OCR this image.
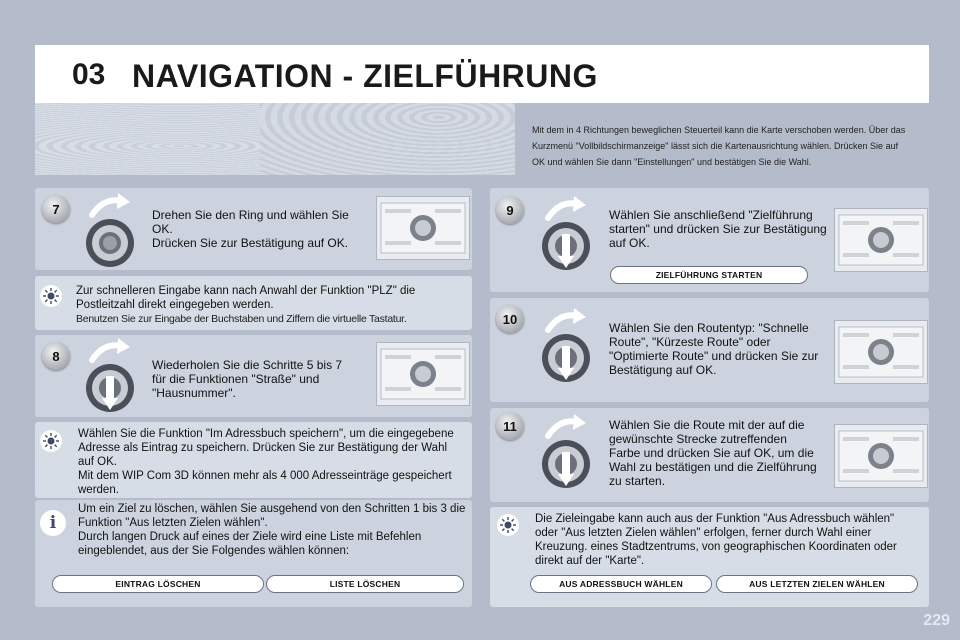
03 NAVIGATION - ZIELFÜHRUNG
Mit dem in 4 Richtungen beweglichen Steuerteil kann die Karte verschoben werden. Über das Kurzmenü "Vollbildschirmanzeige" lässt sich die Kartenausrichtung wählen. Drücken Sie auf OK und wählen Sie dann "Einstellungen" und bestätigen Sie die Wahl.
7	Drehen Sie den Ring und wählen Sie OK.
Drücken Sie zur Bestätigung auf OK.
Zur schnelleren Eingabe kann nach Anwahl der Funktion "PLZ" die Postleitzahl direkt eingegeben werden.
Benutzen Sie zur Eingabe der Buchstaben und Ziffern die virtuelle Tastatur.
8
Wiederholen Sie die Schritte 5 bis 7 für die Funktionen "Straße" und "Hausnummer".
Wählen Sie die Funktion "Im Adressbuch speichern", um die eingegebene Adresse als Eintrag zu speichern. Drücken Sie zur Bestätigung der Wahl auf OK.
Mit dem WIP Com 3D können mehr als 4 000 Adresseinträge gespeichert werden.
i
Um ein Ziel zu löschen, wählen Sie ausgehend von den Schritten 1 bis 3 die Funktion "Aus letzten Zielen wählen".
Durch langen Druck auf eines der Ziele wird eine Liste mit Befehlen eingeblendet, aus der Sie Folgendes wählen können:
EINTRAG LÖSCHEN	LISTE LÖSCHEN
9	Wählen Sie anschließend "Zielführung starten" und drücken Sie zur Bestätigung auf OK.
ZIELFÜHRUNG STARTEN
10
Wählen Sie den Routentyp: "Schnelle Route", "Kürzeste Route" oder "Optimierte Route" und drücken Sie zur Bestätigung auf OK.
11	Wählen Sie die Route mit der auf die gewünschte Strecke zutreffenden Farbe und drücken Sie auf OK, um die Wahl zu bestätigen und die Zielführung zu starten.
Die Zieleingabe kann auch aus der Funktion "Aus Adressbuch wählen" oder "Aus letzten Zielen wählen" erfolgen, ferner durch Wahl einer Kreuzung. eines Stadtzentrums, von geographischen Koordinaten oder direkt auf der "Karte".
AUS ADRESSBUCH WÄHLEN	AUS LETZTEN ZIELEN WÄHLEN
229
